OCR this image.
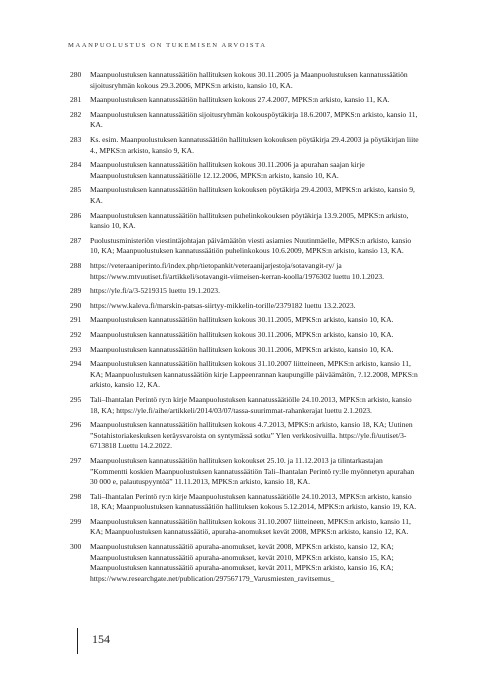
MAANPUOLUSTUS ON TUKEMISEN ARVOISTA
280	Maanpuolustuksen kannatussäätiön hallituksen kokous 30.11.2005 ja Maanpuolustuksen kannatussäätiön sijoitusryhmän kokous 29.3.2006, MPKS:n arkisto, kansio 10, KA.
281	Maanpuolustuksen kannatussäätiön hallituksen kokous 27.4.2007, MPKS:n arkisto, kansio 11, KA.
282	Maanpuolustuksen kannatussäätiön sijoitusryhmän kokouspöytäkirja 18.6.2007, MPKS:n arkisto, kansio 11, KA.
283	Ks. esim. Maanpuolustuksen kannatussäätiön hallituksen kokouksen pöytäkirja 29.4.2003 ja pöytäkirjan liite 4., MPKS:n arkisto, kansio 9, KA.
284	Maanpuolustuksen kannatussäätiön hallituksen kokous 30.11.2006 ja apurahan saajan kirje Maanpuolustuksen kannatussäätiölle 12.12.2006, MPKS:n arkisto, kansio 10, KA.
285	Maanpuolustuksen kannatussäätiön hallituksen kokouksen pöytäkirja 29.4.2003, MPKS:n arkisto, kansio 9, KA.
286	Maanpuolustuksen kannatussäätiön hallituksen puhelinkokouksen pöytäkirja 13.9.2005, MPKS:n arkisto, kansio 10, KA.
287	Puolustusministeriön viestintäjohtajan päivämäätön viesti asiamies Nuutinmäelle, MPKS:n arkisto, kansio 10, KA; Maanpuolustuksen kannatussäätiön puhelinkokous 10.6.2009, MPKS:n arkisto, kansio 13, KA.
288	https://veteraaniperinto.fi/index.php/tietopankit/veteraanijarjestoja/sotavangit-ry/ ja https://www.mtvuutiset.fi/artikkeli/sotavangit-viimeisen-kerran-koolla/1976302 luettu 10.1.2023.
289	https://yle.fi/a/3-5219315 luettu 19.1.2023.
290	https://www.kaleva.fi/marskin-patsas-siirtyy-mikkelin-torille/2379182 luettu 13.2.2023.
291	Maanpuolustuksen kannatussäätiön hallituksen kokous 30.11.2005, MPKS:n arkisto, kansio 10, KA.
292	Maanpuolustuksen kannatussäätiön hallituksen kokous 30.11.2006, MPKS:n arkisto, kansio 10, KA.
293	Maanpuolustuksen kannatussäätiön hallituksen kokous 30.11.2006, MPKS:n arkisto, kansio 10, KA.
294	Maanpuolustuksen kannatussäätiön hallituksen kokous 31.10.2007 liitteineen, MPKS:n arkisto, kansio 11, KA; Maanpuolustuksen kannatussäätiön kirje Lappeenrannan kaupungille päiväämätön, ?.12.2008, MPKS:n arkisto, kansio 12, KA.
295	Tali–Ihantalan Perintö ry:n kirje Maanpuolustuksen kannatussäätiölle 24.10.2013, MPKS:n arkisto, kansio 18, KA; https://yle.fi/aihe/artikkeli/2014/03/07/tassa-suurimmat-rahankerajat luettu 2.1.2023.
296	Maanpuolustuksen kannatussäätiön hallituksen kokous 4.7.2013, MPKS:n arkisto, kansio 18, KA; Uutinen ”Sotahistoriakeskuksen keräysvaroista on syntymässä sotku” Ylen verkkosivuilla. https://yle.fi/uutiset/3-6713818 Luettu 14.2.2022.
297	Maanpuolustuksen kannatussäätiön hallituksen kokoukset 25.10. ja 11.12.2013 ja tilintarkastajan ”Kommentti koskien Maanpuolustuksen kannatussäätiön Tali–Ihantalan Perintö ry:lle myönnetyn apurahan 30 000 e, palautuspyyntöä” 11.11.2013, MPKS:n arkisto, kansio 18, KA.
298	Tali–Ihantalan Perintö ry:n kirje Maanpuolustuksen kannatussäätiölle 24.10.2013, MPKS:n arkisto, kansio 18, KA; Maanpuolustuksen kannatussäätiön hallituksen kokous 5.12.2014, MPKS:n arkisto, kansio 19, KA.
299	Maanpuolustuksen kannatussäätiön hallituksen kokous 31.10.2007 liitteineen, MPKS:n arkisto, kansio 11, KA; Maanpuolustuksen kannatussäätiö, apuraha-anomukset kevät 2008, MPKS:n arkisto, kansio 12, KA.
300	Maanpuolustuksen kannatussäätiö apuraha-anomukset, kevät 2008, MPKS:n arkisto, kansio 12, KA; Maanpuolustuksen kannatussäätiö apuraha-anomukset, kevät 2010, MPKS:n arkisto, kansio 15, KA; Maanpuolustuksen kannatussäätiö apuraha-anomukset, kevät 2011, MPKS:n arkisto, kansio 16, KA; https://www.researchgate.net/publication/297567179_Varusmiesten_ravitsemus_
154
